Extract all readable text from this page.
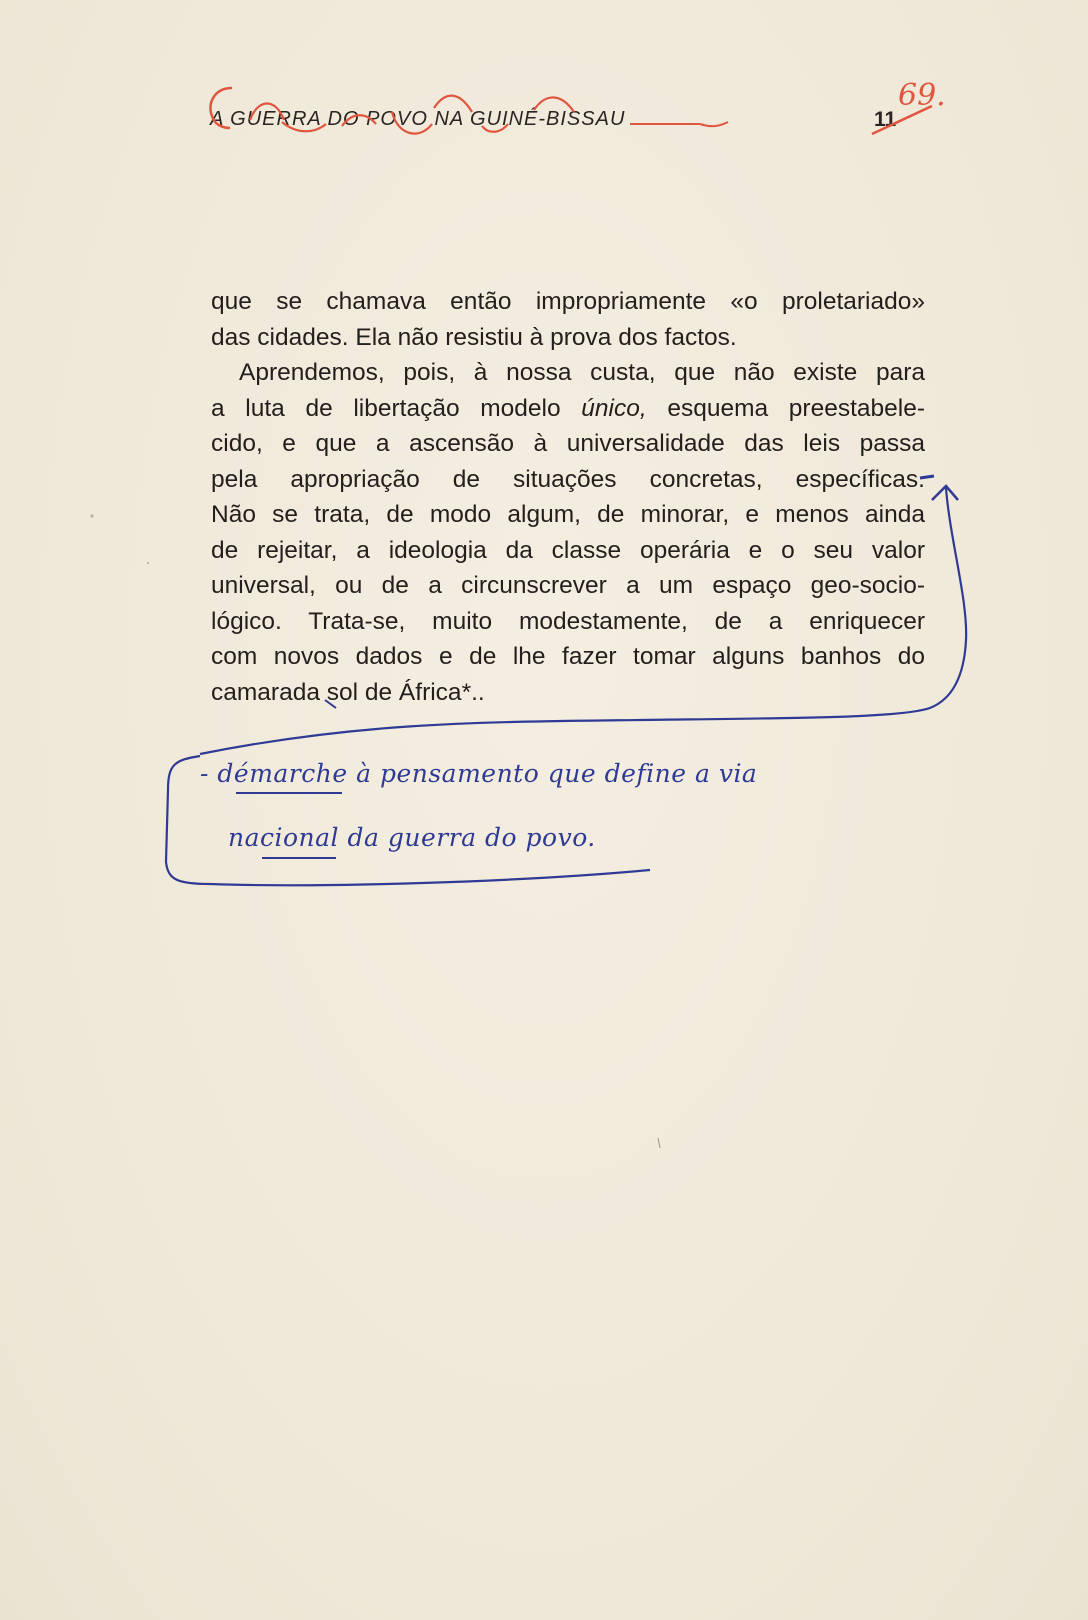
A GUERRA DO POVO NA GUINÉ-BISSAU	11
69.
que se chamava então impropriamente «o proletariado»
das cidades. Ela não resistiu à prova dos factos.
Aprendemos, pois, à nossa custa, que não existe para
a luta de libertação modelo único, esquema preestabele-
cido, e que a ascensão à universalidade das leis passa
pela apropriação de situações concretas, específicas.
Não se trata, de modo algum, de minorar, e menos ainda
de rejeitar, a ideologia da classe operária e o seu valor
universal, ou de a circunscrever a um espaço geo-socio-
lógico. Trata-se, muito modestamente, de a enriquecer
com novos dados e de lhe fazer tomar alguns banhos do
camarada sol de África*..
- démarche à pensamento que define a via
nacional da guerra do povo.
